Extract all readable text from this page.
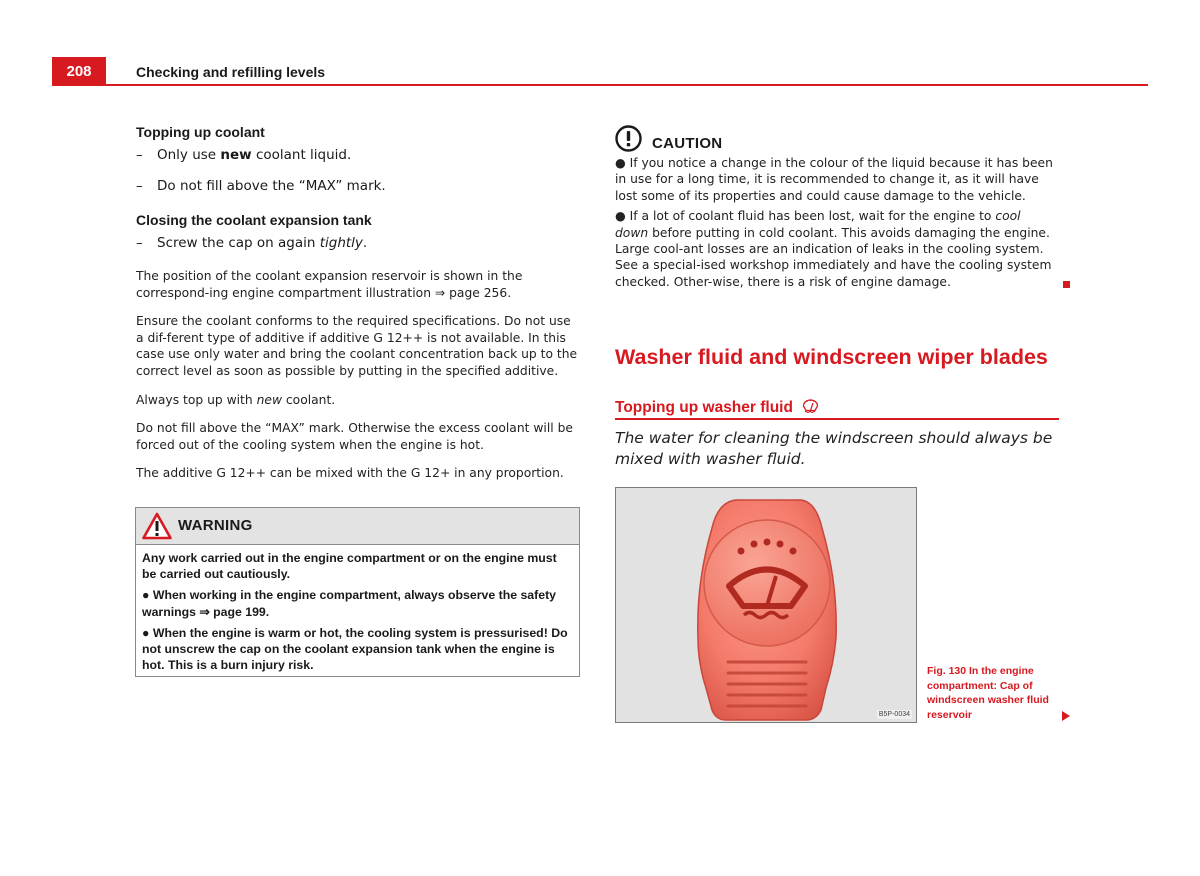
208	Checking and refilling levels
Topping up coolant
– Only use new coolant liquid.
– Do not fill above the “MAX” mark.
Closing the coolant expansion tank
– Screw the cap on again tightly.

The position of the coolant expansion reservoir is shown in the correspond-ing engine compartment illustration ⇒ page 256.

Ensure the coolant conforms to the required specifications. Do not use a dif-ferent type of additive if additive G 12++ is not available. In this case use only water and bring the coolant concentration back up to the correct level as soon as possible by putting in the specified additive.

Always top up with new coolant.

Do not fill above the “MAX” mark. Otherwise the excess coolant will be forced out of the cooling system when the engine is hot.

The additive G 12++ can be mixed with the G 12+ in any proportion.

WARNING

Any work carried out in the engine compartment or on the engine must be carried out cautiously.

● When working in the engine compartment, always observe the safety warnings ⇒ page 199.

● When the engine is warm or hot, the cooling system is pressurised! Do not unscrew the cap on the coolant expansion tank when the engine is hot. This is a burn injury risk.

CAUTION

● If you notice a change in the colour of the liquid because it has been in use for a long time, it is recommended to change it, as it will have lost some of its properties and could cause damage to the vehicle.

● If a lot of coolant fluid has been lost, wait for the engine to cool down before putting in cold coolant. This avoids damaging the engine. Large cool-ant losses are an indication of leaks in the cooling system. See a special-ised workshop immediately and have the cooling system checked. Other-wise, there is a risk of engine damage.

Washer fluid and windscreen wiper blades
Topping up washer fluid
The water for cleaning the windscreen should always be mixed with washer fluid.
B5P-0034
Fig. 130 In the engine compartment: Cap of windscreen washer fluid reservoir
